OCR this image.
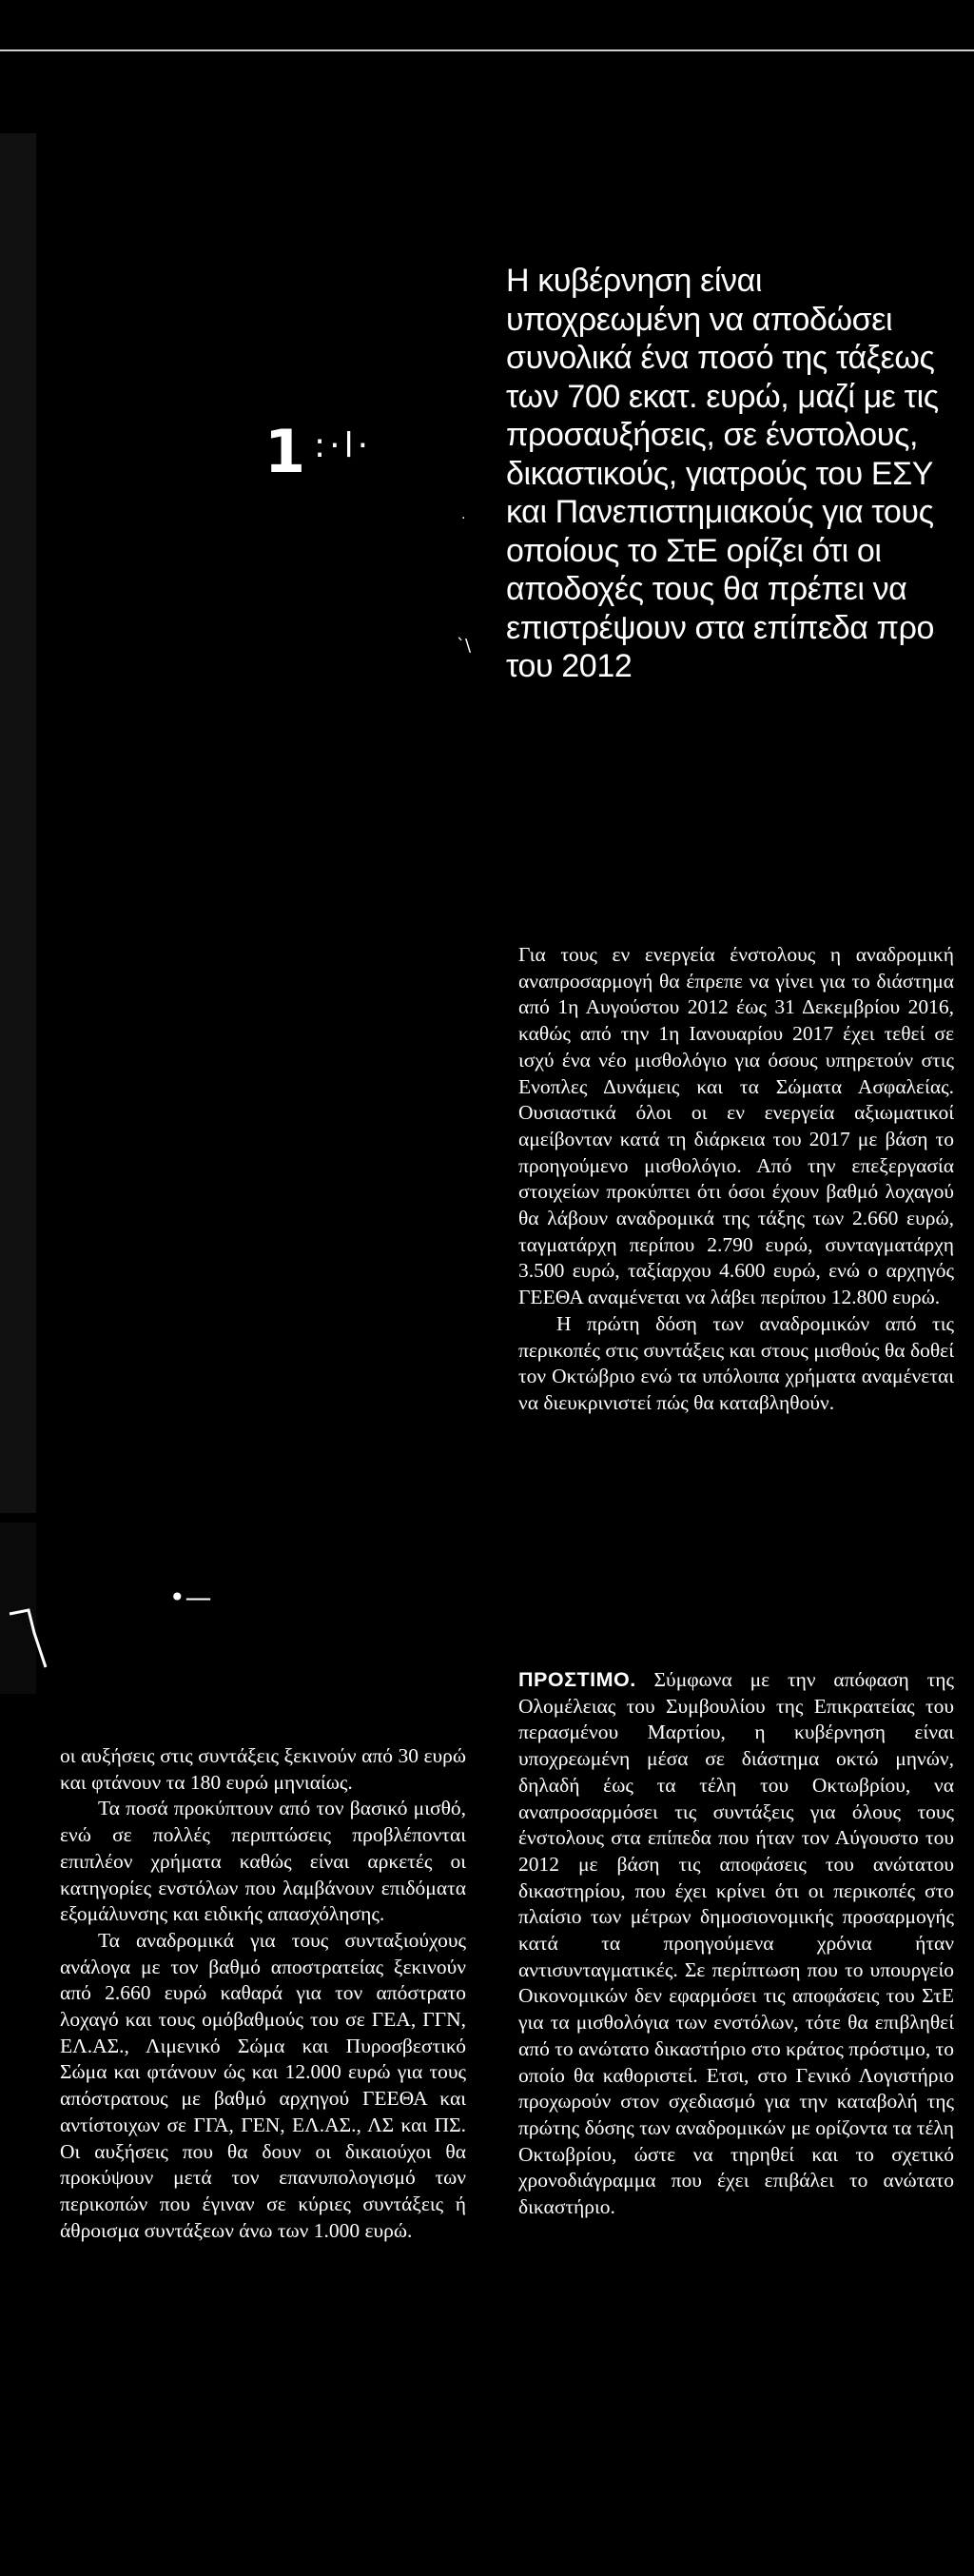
1 :·l·
·
`\
•—
Η κυβέρνηση είναι υποχρεωμένη να αποδώσει συνολικά ένα ποσό της τάξεως των 700 εκατ. ευρώ, μαζί με τις προσαυξήσεις, σε ένστολους, δικαστικούς, γιατρούς του ΕΣΥ και Πανεπιστημιακούς για τους οποίους το ΣτΕ ορίζει ότι οι αποδοχές τους θα πρέπει να επιστρέψουν στα επίπεδα προ του 2012

Για τους εν ενεργεία ένστολους η αναδρομική αναπροσαρμογή θα έπρεπε να γίνει για το διάστημα από 1η Αυγούστου 2012 έως 31 Δεκεμβρίου 2016, καθώς από την 1η Ιανουαρίου 2017 έχει τεθεί σε ισχύ ένα νέο μισθολόγιο για όσους υπηρετούν στις Ενοπλες Δυνάμεις και τα Σώματα Ασφαλείας. Ουσιαστικά όλοι οι εν ενεργεία αξιωματικοί αμείβονταν κατά τη διάρκεια του 2017 με βάση το προηγούμενο μισθολόγιο. Από την επεξεργασία στοιχείων προκύπτει ότι όσοι έχουν βαθμό λοχαγού θα λάβουν αναδρομικά της τάξης των 2.660 ευρώ, ταγματάρχη περίπου 2.790 ευρώ, συνταγματάρχη 3.500 ευρώ, ταξίαρχου 4.600 ευρώ, ενώ ο αρχηγός ΓΕΕΘΑ αναμένεται να λάβει περίπου 12.800 ευρώ.

Η πρώτη δόση των αναδρομικών από τις περικοπές στις συντάξεις και στους μισθούς θα δοθεί τον Οκτώβριο ενώ τα υπόλοιπα χρήματα αναμένεται να διευκρινιστεί πώς θα καταβληθούν.

ΠΡΟΣΤΙΜΟ. Σύμφωνα με την απόφαση της Ολομέλειας του Συμβουλίου της Επικρατείας του περασμένου Μαρτίου, η κυβέρνηση είναι υποχρεωμένη μέσα σε διάστημα οκτώ μηνών, δηλαδή έως τα τέλη του Οκτωβρίου, να αναπροσαρμόσει τις συντάξεις για όλους τους ένστολους στα επίπεδα που ήταν τον Αύγουστο του 2012 με βάση τις αποφάσεις του ανώτατου δικαστηρίου, που έχει κρίνει ότι οι περικοπές στο πλαίσιο των μέτρων δημοσιονομικής προσαρμογής κατά τα προηγούμενα χρόνια ήταν αντισυνταγματικές. Σε περίπτωση που το υπουργείο Οικονομικών δεν εφαρμόσει τις αποφάσεις του ΣτΕ για τα μισθολόγια των ενστόλων, τότε θα επιβληθεί από το ανώτατο δικαστήριο στο κράτος πρόστιμο, το οποίο θα καθοριστεί. Ετσι, στο Γενικό Λογιστήριο προχωρούν στον σχεδιασμό για την καταβολή της πρώτης δόσης των αναδρομικών με ορίζοντα τα τέλη Οκτωβρίου, ώστε να τηρηθεί και το σχετικό χρονοδιάγραμμα που έχει επιβάλει το ανώτατο δικαστήριο.

οι αυξήσεις στις συντάξεις ξεκινούν από 30 ευρώ και φτάνουν τα 180 ευρώ μηνιαίως.

Τα ποσά προκύπτουν από τον βασικό μισθό, ενώ σε πολλές περιπτώσεις προβλέπονται επιπλέον χρήματα καθώς είναι αρκετές οι κατηγορίες ενστόλων που λαμβάνουν επιδόματα εξομάλυνσης και ειδικής απασχόλησης.

Τα αναδρομικά για τους συνταξιούχους ανάλογα με τον βαθμό αποστρατείας ξεκινούν από 2.660 ευρώ καθαρά για τον απόστρατο λοχαγό και τους ομόβαθμούς του σε ΓΕΑ, ΓΓΝ, ΕΛ.ΑΣ., Λιμενικό Σώμα και Πυροσβεστικό Σώμα και φτάνουν ώς και 12.000 ευρώ για τους απόστρατους με βαθμό αρχηγού ΓΕΕΘΑ και αντίστοιχων σε ΓΓΑ, ΓΕΝ, ΕΛ.ΑΣ., ΛΣ και ΠΣ. Οι αυξήσεις που θα δουν οι δικαιούχοι θα προκύψουν μετά τον επανυπολογισμό των περικοπών που έγιναν σε κύριες συντάξεις ή άθροισμα συντάξεων άνω των 1.000 ευρώ.
